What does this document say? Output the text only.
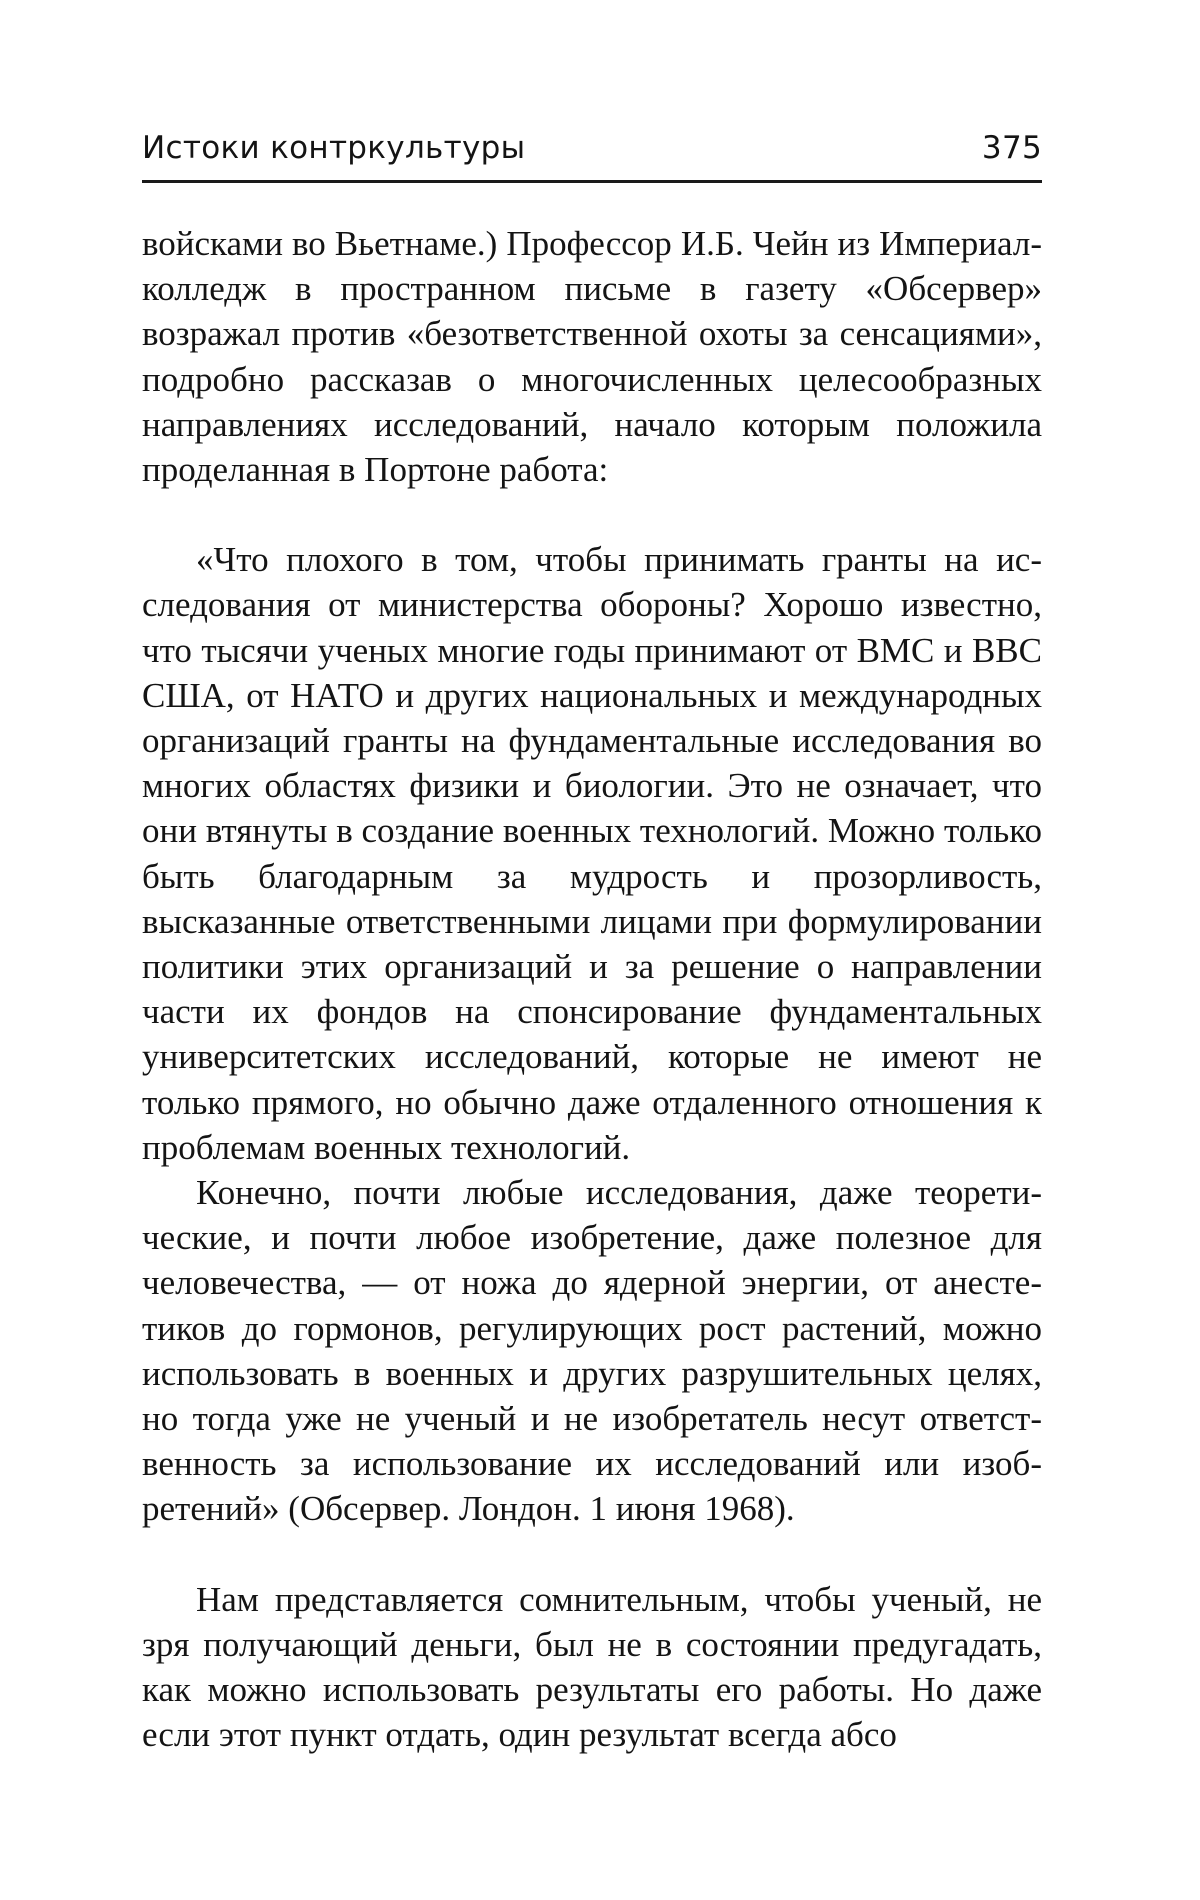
Истоки контркультуры	375

войсками во Вьетнаме.) Профессор И.Б. Чейн из Империал-колледж в пространном письме в газету «Обсервер» возражал против «безответственной охоты за сенсациями», подробно рассказав о многочисленных целесообразных направлениях исследований, начало которым положила проделанная в Портоне работа:

«Что плохого в том, чтобы принимать гранты на исследования от министерства обороны? Хорошо известно, что тысячи ученых многие годы принимают от ВМС и ВВС США, от НАТО и других национальных и международных организаций гранты на фундаментальные исследования во многих областях физики и биологии. Это не означает, что они втянуты в создание военных технологий. Можно только быть благодарным за мудрость и прозорливость, высказанные ответственными лицами при формулировании политики этих организаций и за решение о направлении части их фондов на спонсирование фундаментальных университетских исследований, которые не имеют не только прямого, но обычно даже отдаленного отношения к проблемам военных технологий.

Конечно, почти любые исследования, даже теоретические, и почти любое изобретение, даже полезное для человечества, — от ножа до ядерной энергии, от анестетиков до гормонов, регулирующих рост растений, можно использовать в военных и других разрушительных целях, но тогда уже не ученый и не изобретатель несут ответственность за использование их исследований или изобретений» (Обсервер. Лондон. 1 июня 1968).

Нам представляется сомнительным, чтобы ученый, не зря получающий деньги, был не в состоянии предугадать, как можно использовать результаты его работы. Но даже если этот пункт отдать, один результат всегда абсо
